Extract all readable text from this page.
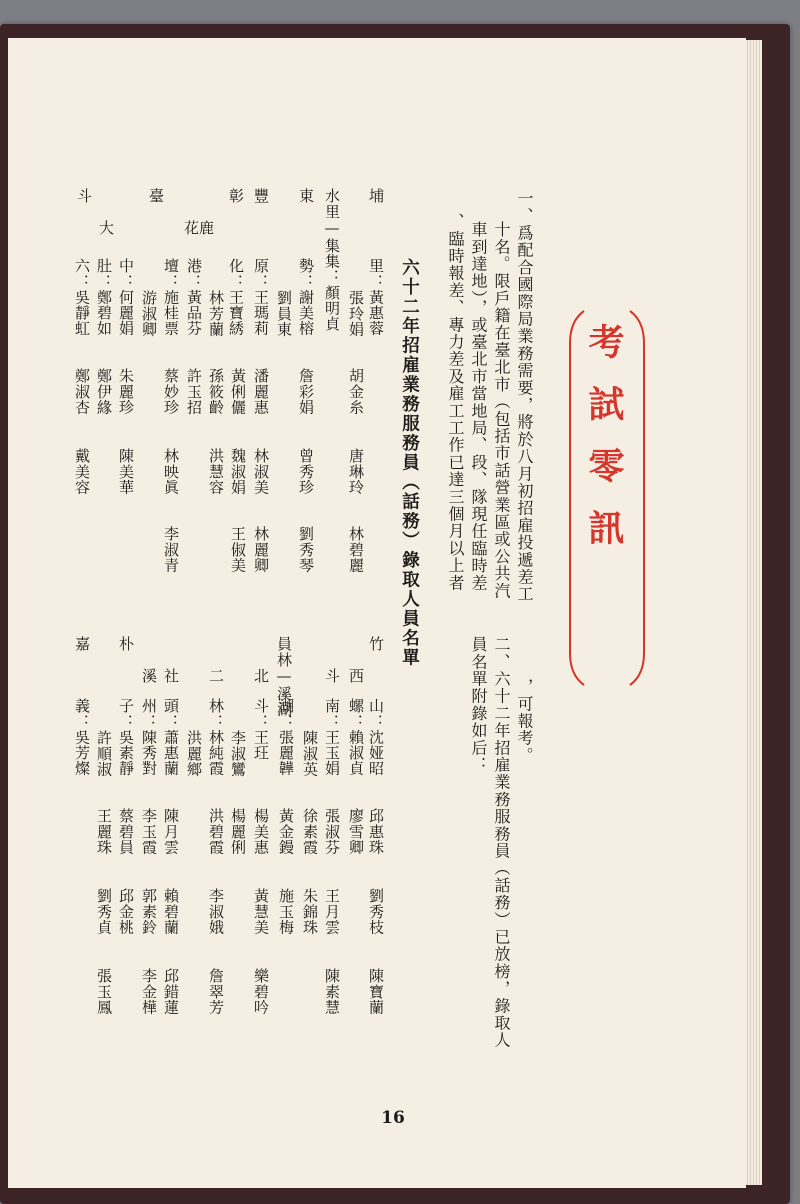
考試零訊
一、爲配合國際局業務需要，將於八月初招雇投遞差工
十名。限戶籍在臺北市（包括市話營業區或公共汽
車到達地），或臺北市當地局、段、隊現任臨時差
、臨時報差、專力差及雇工工作已達三個月以上者
，可報考。
二、六十二年招雇業務服務員（話務）已放榜，錄取人
員名單附錄如后：
六十二年招雇業務服務員（話務）錄取人員名單
埔
東
豐
彰
花
鹿
大
臺
斗
里：黃惠蓉
張玲娟
水里—集集：顏明貞
勢：謝美榕
劉員東
原：王瑪莉
化：王寶綉
林芳蘭
港：黃品芬
壇：施桂票
游淑卿
中：何麗娟
肚：鄭碧如
六：吳靜虹
胡金糸
詹彩娟
潘麗惠
黃俐儷
孫筱齡
許玉招
蔡妙珍
朱麗珍
鄭伊緣
鄭淑杏
唐琳玲
曾秀珍
林淑美
魏淑娟
洪慧容
林映眞
陳美華
戴美容
林碧麗
劉秀琴
林麗卿
王俶美
李淑青
竹
西
斗
員林—溪湖
北
二
社
溪
朴
嘉
山：沈娅昭
螺：賴淑貞
南：王玉娟
陳淑英
湖：張麗韡
斗：王玨
李淑鸞
林：林純霞
洪麗鄉
頭：蕭惠蘭
州：陳秀對
子：吳素靜
許順淑
義：吳芳燦
邱惠珠
廖雪卿
張淑芬
徐素霞
黃金鏝
楊美惠
楊麗俐
洪碧霞
陳月雲
李玉霞
蔡碧員
王麗珠
劉秀枝
王月雲
朱錦珠
施玉梅
黃慧美
李淑娥
賴碧蘭
郭素鈴
邱金桃
劉秀貞
陳寶蘭
陳素慧
樂碧吟
詹翠芳
邱錯蓮
李金樺
張玉鳳
16
